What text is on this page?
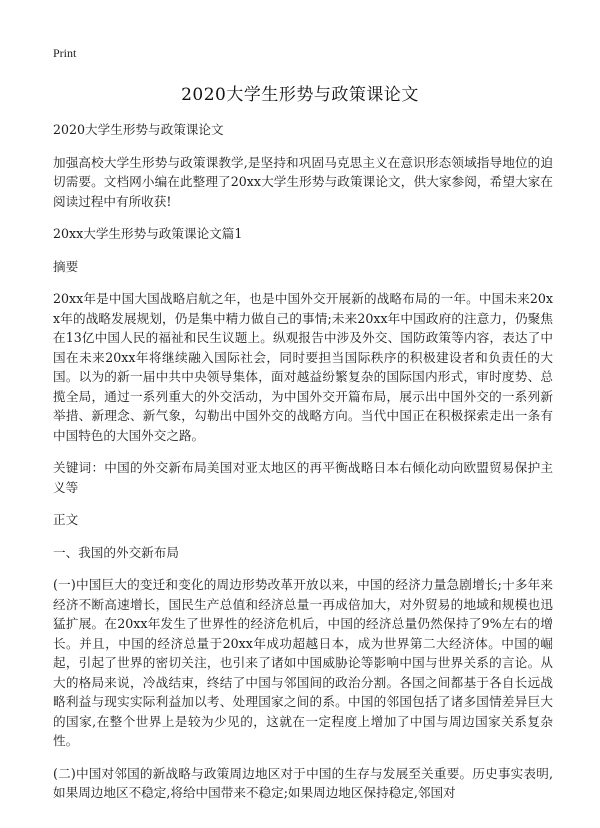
Print
2020大学生形势与政策课论文

2020大学生形势与政策课论文

加强高校大学生形势与政策课教学,是坚持和巩固马克思主义在意识形态领域指导地位的迫切需要。文档网小编在此整理了20xx大学生形势与政策课论文，供大家参阅，希望大家在阅读过程中有所收获!

20xx大学生形势与政策课论文篇1

摘要

20xx年是中国大国战略启航之年，也是中国外交开展新的战略布局的一年。中国未来20xx年的战略发展规划，仍是集中精力做自己的事情;未来20xx年中国政府的注意力，仍聚焦在13亿中国人民的福祉和民生议题上。纵观报告中涉及外交、国防政策等内容，表达了中国在未来20xx年将继续融入国际社会，同时要担当国际秩序的积极建设者和负责任的大国。以为的新一届中共中央领导集体，面对越益纷繁复杂的国际国内形式，审时度势、总揽全局，通过一系列重大的外交活动，为中国外交开篇布局，展示出中国外交的一系列新举措、新理念、新气象，勾勒出中国外交的战略方向。当代中国正在积极探索走出一条有中国特色的大国外交之路。

关键词：中国的外交新布局美国对亚太地区的再平衡战略日本右倾化动向欧盟贸易保护主义等

正文

一、我国的外交新布局

(一)中国巨大的变迁和变化的周边形势改革开放以来，中国的经济力量急剧增长;十多年来经济不断高速增长，国民生产总值和经济总量一再成倍加大，对外贸易的地域和规模也迅猛扩展。在20xx年发生了世界性的经济危机后，中国的经济总量仍然保持了9%左右的增长。并且，中国的经济总量于20xx年成功超越日本，成为世界第二大经济体。中国的崛起，引起了世界的密切关注，也引来了诸如中国威胁论等影响中国与世界关系的言论。从大的格局来说，冷战结束，终结了中国与邻国间的政治分割。各国之间都基于各自长远战略利益与现实实际利益加以考、处理国家之间的系。中国的邻国包括了诸多国情差异巨大的国家,在整个世界上是较为少见的，这就在一定程度上增加了中国与周边国家关系复杂性。

(二)中国对邻国的新战略与政策周边地区对于中国的生存与发展至关重要。历史事实表明,如果周边地区不稳定,将给中国带来不稳定;如果周边地区保持稳定,邻国对
